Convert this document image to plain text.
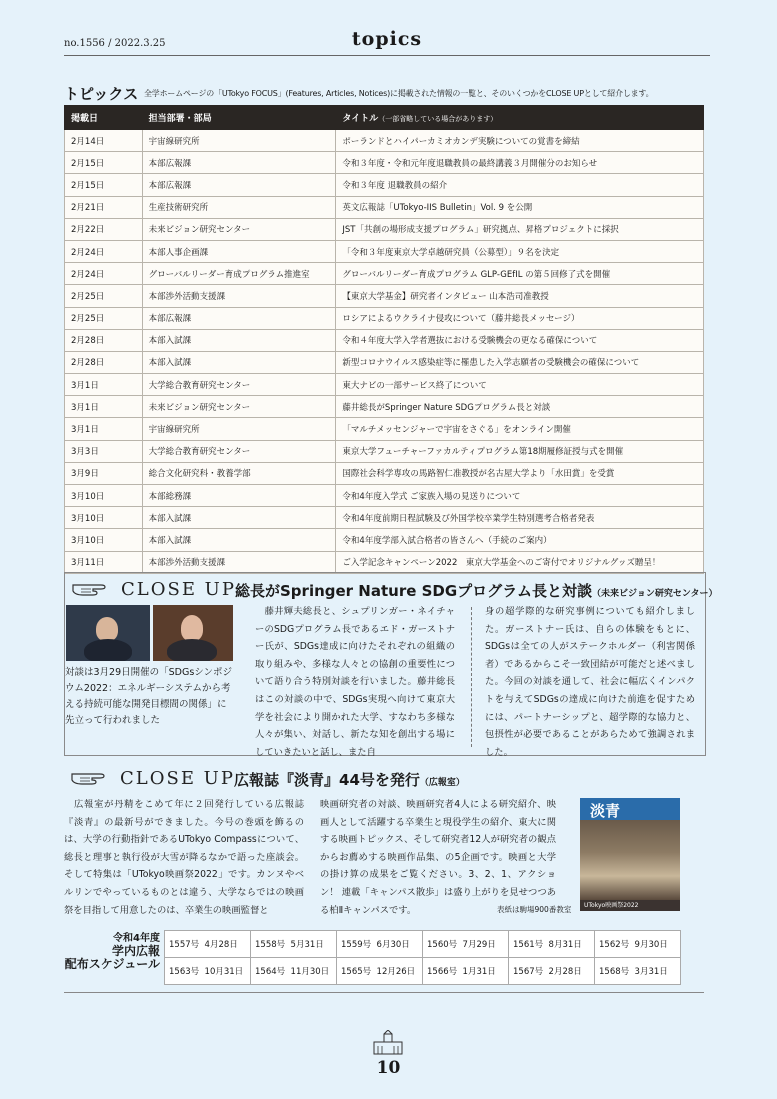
no.1556 / 2022.3.25	topics
トピックス 全学ホームページの「UTokyo FOCUS」(Features, Articles, Notices)に掲載された情報の一覧と、そのいくつかをCLOSE UPとして紹介します。
掲載日	担当部署・部局	タイトル（一部省略している場合があります）
2月14日	宇宙線研究所	ポーランドとハイパーカミオカンデ実験についての覚書を締結
2月15日	本部広報課	令和３年度・令和元年度退職教員の最終講義３月開催分のお知らせ
2月15日	本部広報課	令和３年度 退職教員の紹介
2月21日	生産技術研究所	英文広報誌「UTokyo-IIS Bulletin」Vol. 9 を公開
2月22日	未来ビジョン研究センター	JST「共創の場形成支援プログラム」研究拠点、昇格プロジェクトに採択
2月24日	本部人事企画課	「令和３年度東京大学卓越研究員（公募型）」９名を決定
2月24日	グローバルリーダー育成プログラム推進室	グローバルリーダー育成プログラム GLP-GEfIL の第５回修了式を開催
2月25日	本部渉外活動支援課	【東京大学基金】研究者インタビュー 山本浩司准教授
2月25日	本部広報課	ロシアによるウクライナ侵攻について（藤井総長メッセージ）
2月28日	本部入試課	令和４年度大学入学者選抜における受験機会の更なる確保について
2月28日	本部入試課	新型コロナウイルス感染症等に罹患した入学志願者の受験機会の確保について
3月1日	大学総合教育研究センター	東大ナビの一部サービス終了について
3月1日	未来ビジョン研究センター	藤井総長がSpringer Nature SDGプログラム長と対談
3月1日	宇宙線研究所	「マルチメッセンジャーで宇宙をさぐる」をオンライン開催
3月3日	大学総合教育研究センター	東京大学フューチャーファカルティプログラム第18期履修証授与式を開催
3月9日	総合文化研究科・教養学部	国際社会科学専攻の馬路智仁准教授が名古屋大学より「水田賞」を受賞
3月10日	本部総務課	令和4年度入学式 ご家族入場の見送りについて
3月10日	本部入試課	令和4年度前期日程試験及び外国学校卒業学生特別選考合格者発表
3月10日	本部入試課	令和4年度学部入試合格者の皆さんへ（手続のご案内）
3月11日	本部渉外活動支援課	ご入学記念キャンペーン2022　東京大学基金へのご寄付でオリジナルグッズ贈呈！
CLOSE UP 総長がSpringer Nature SDGプログラム長と対談（未来ビジョン研究センター）
対談は3月29日開催の「SDGsシンポジウム2022：エネルギーシステムから考える持続可能な開発目標間の関係」に先立って行われました
　藤井輝夫総長と、シュプリンガー・ネイチャーのSDGプログラム長であるエド・ガーストナー氏が、SDGs達成に向けたそれぞれの組織の取り組みや、多様な人々との協創の重要性について語り合う特別対談を行いました。藤井総長はこの対談の中で、SDGs実現へ向けて東京大学を社会により開かれた大学、すなわち多様な人々が集い、対話し、新たな知を創出する場にしていきたいと話し、また自
身の超学際的な研究事例についても紹介しました。ガーストナー氏は、自らの体験をもとに、SDGsは全ての人がステークホルダー（利害関係者）であるからこそ一致団結が可能だと述べました。今回の対談を通して、社会に幅広くインパクトを与えてSDGsの達成に向けた前進を促すためには、パートナーシップと、超学際的な協力と、包摂性が必要であることがあらためて強調されました。
CLOSE UP 広報誌『淡青』44号を発行（広報室）
　広報室が丹精をこめて年に２回発行している広報誌『淡青』の最新号ができました。今号の巻頭を飾るのは、大学の行動指針であるUTokyo Compassについて、総長と理事と執行役が大雪が降るなかで語った座談会。そして特集は「UTokyo映画祭2022」です。カンヌやベルリンでやっているものとは違う、大学ならではの映画祭を目指して用意したのは、卒業生の映画監督と
映画研究者の対談、映画研究者4人による研究紹介、映画人として活躍する卒業生と現役学生の紹介、東大に関する映画トピックス、そして研究者12人が研究者の観点からお薦めする映画作品集、の5企画です。映画と大学の掛け算の成果をご覧ください。3、2、1、アクション！ 連載「キャンパス散歩」は盛り上がりを見せつつある柏Ⅱキャンパスです。
淡青
UTokyo映画祭2022
表紙は駒場900番教室
令和4年度
学内広報
配布スケジュール
1557号 4月28日	1558号 5月31日	1559号 6月30日	1560号 7月29日	1561号 8月31日	1562号 9月30日
1563号 10月31日	1564号 11月30日	1565号 12月26日	1566号 1月31日	1567号 2月28日	1568号 3月31日
10
